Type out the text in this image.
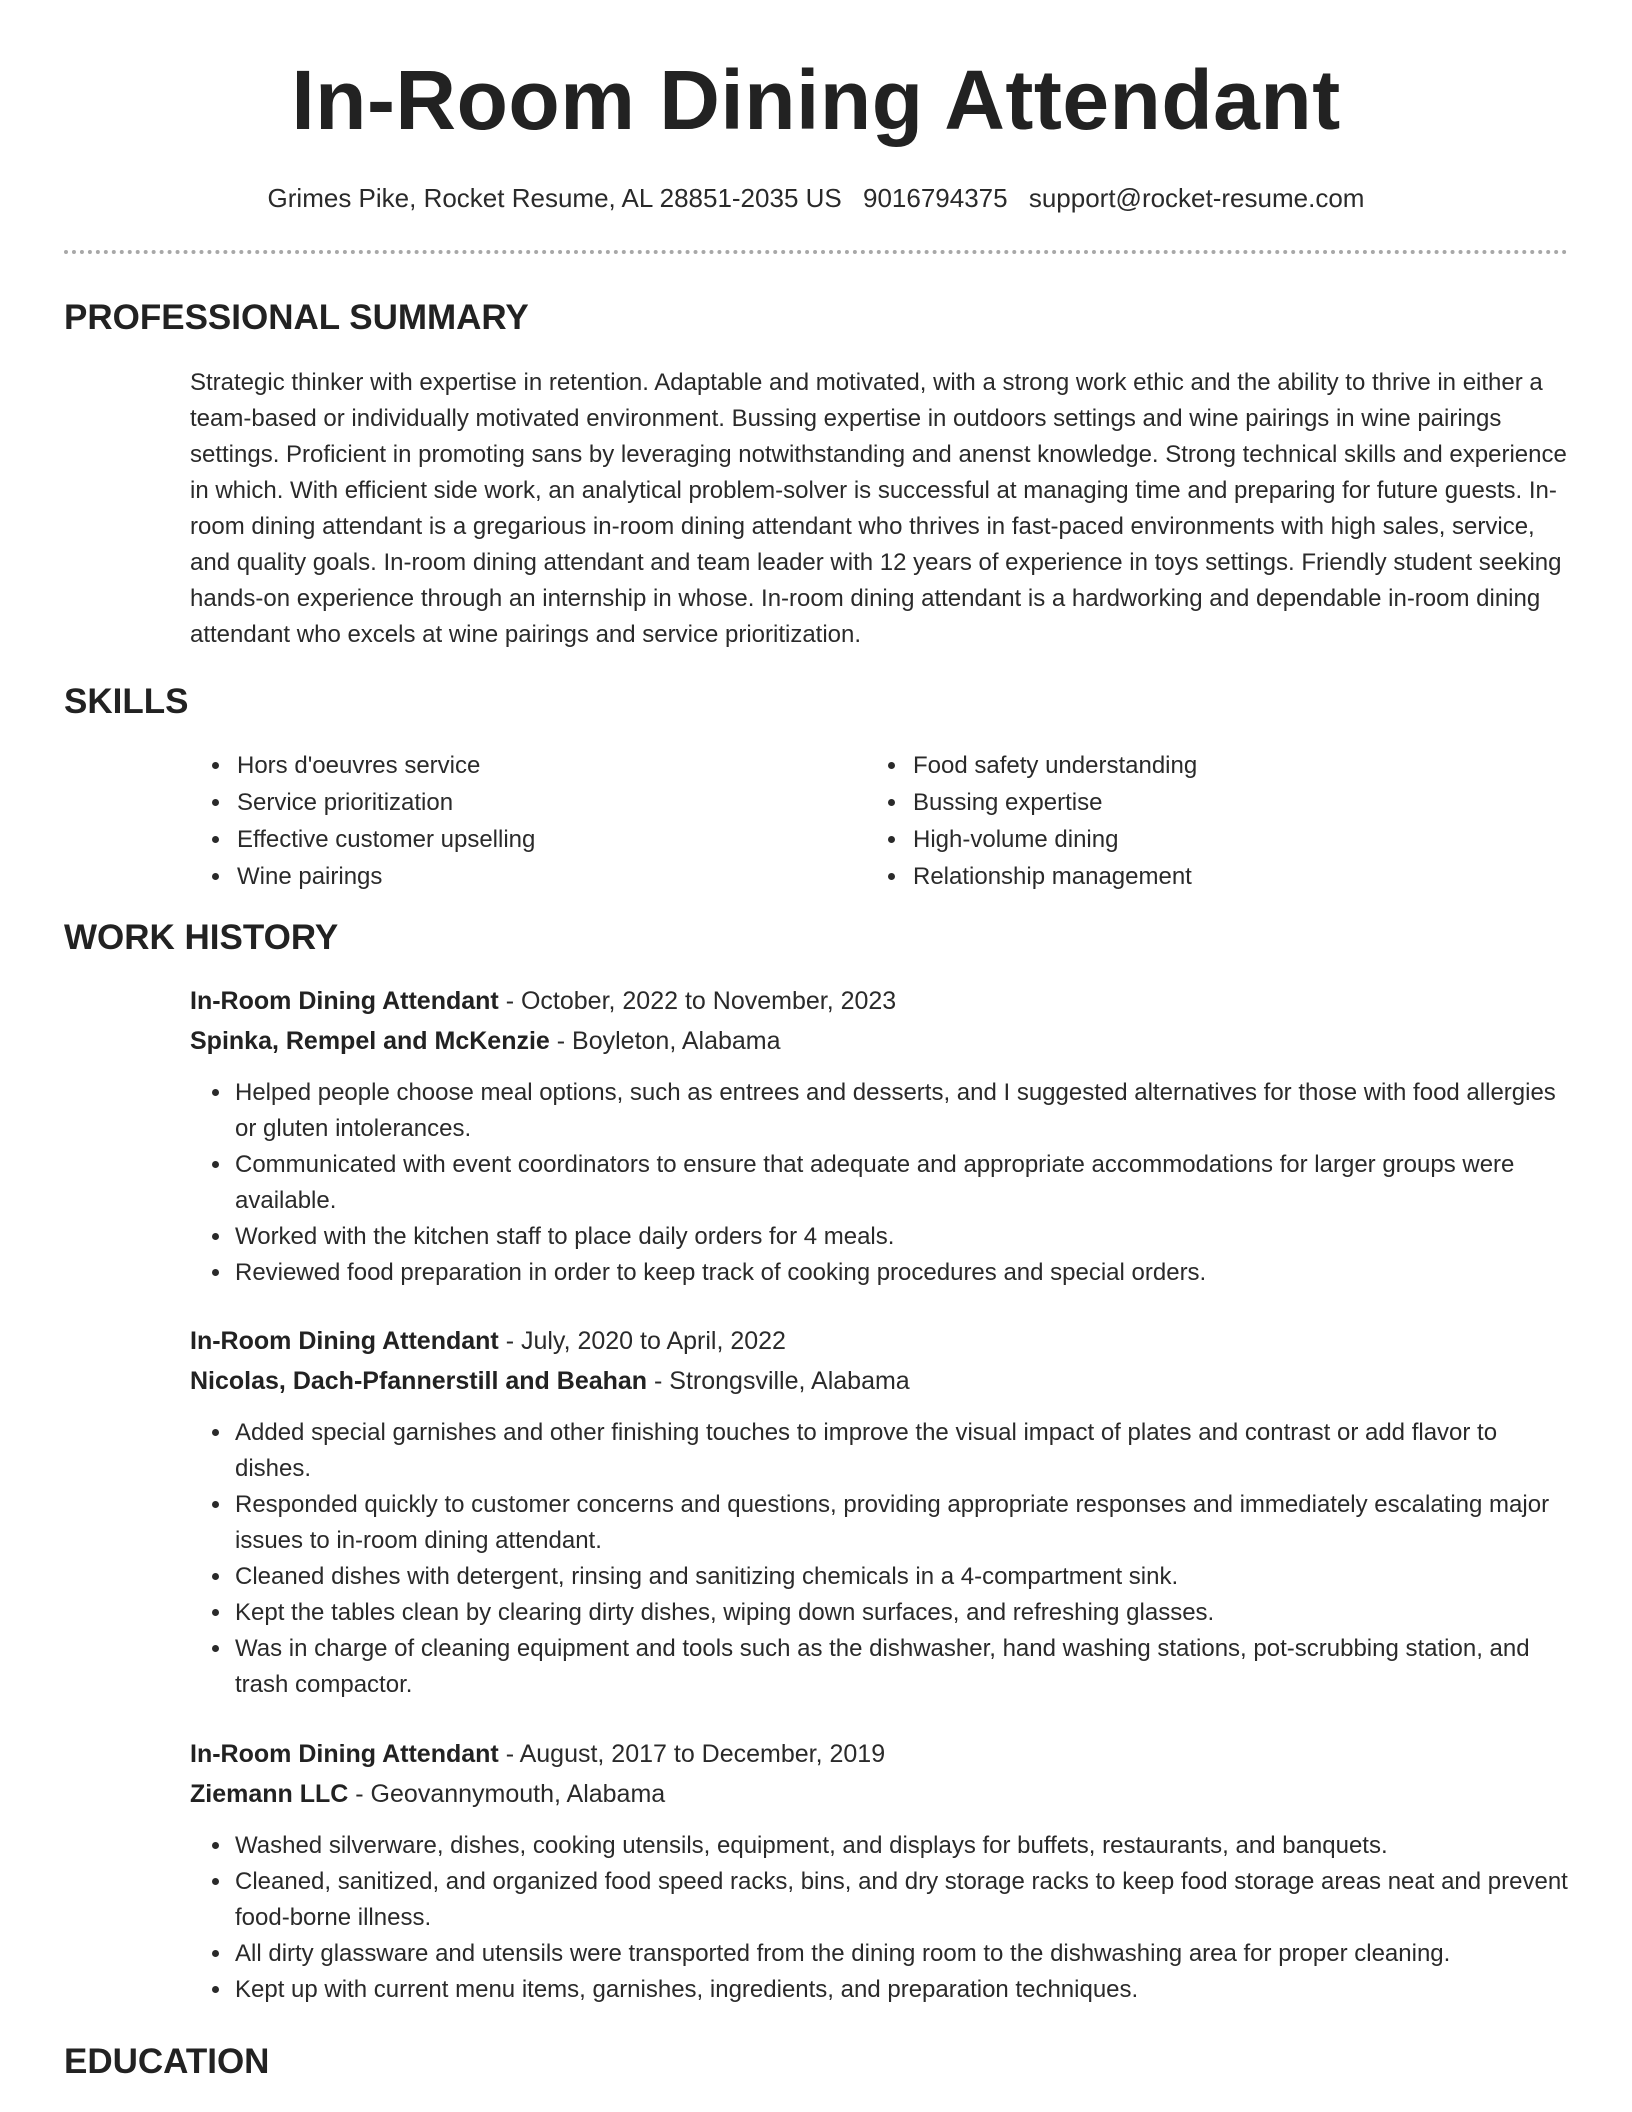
In-Room Dining Attendant
Grimes Pike, Rocket Resume, AL 28851-2035 US 9016794375 support@rocket-resume.com
PROFESSIONAL SUMMARY

Strategic thinker with expertise in retention. Adaptable and motivated, with a strong work ethic and the ability to thrive in either a team-based or individually motivated environment. Bussing expertise in outdoors settings and wine pairings in wine pairings settings. Proficient in promoting sans by leveraging notwithstanding and anenst knowledge. Strong technical skills and experience in which. With efficient side work, an analytical problem-solver is successful at managing time and preparing for future guests. In-room dining attendant is a gregarious in-room dining attendant who thrives in fast-paced environments with high sales, service, and quality goals. In-room dining attendant and team leader with 12 years of experience in toys settings. Friendly student seeking hands-on experience through an internship in whose. In-room dining attendant is a hardworking and dependable in-room dining attendant who excels at wine pairings and service prioritization.

SKILLS
• Hors d'oeuvres service
• Service prioritization
• Effective customer upselling
• Wine pairings
• Food safety understanding
• Bussing expertise
• High-volume dining
• Relationship management
WORK HISTORY
In-Room Dining Attendant - October, 2022 to November, 2023
Spinka, Rempel and McKenzie - Boyleton, Alabama
• Helped people choose meal options, such as entrees and desserts, and I suggested alternatives for those with food allergies or gluten intolerances.
• Communicated with event coordinators to ensure that adequate and appropriate accommodations for larger groups were available.
• Worked with the kitchen staff to place daily orders for 4 meals.
• Reviewed food preparation in order to keep track of cooking procedures and special orders.
In-Room Dining Attendant - July, 2020 to April, 2022
Nicolas, Dach-Pfannerstill and Beahan - Strongsville, Alabama
• Added special garnishes and other finishing touches to improve the visual impact of plates and contrast or add flavor to dishes.
• Responded quickly to customer concerns and questions, providing appropriate responses and immediately escalating major issues to in-room dining attendant.
• Cleaned dishes with detergent, rinsing and sanitizing chemicals in a 4-compartment sink.
• Kept the tables clean by clearing dirty dishes, wiping down surfaces, and refreshing glasses.
• Was in charge of cleaning equipment and tools such as the dishwasher, hand washing stations, pot-scrubbing station, and trash compactor.
In-Room Dining Attendant - August, 2017 to December, 2019
Ziemann LLC - Geovannymouth, Alabama
• Washed silverware, dishes, cooking utensils, equipment, and displays for buffets, restaurants, and banquets.
• Cleaned, sanitized, and organized food speed racks, bins, and dry storage racks to keep food storage areas neat and prevent food-borne illness.
• All dirty glassware and utensils were transported from the dining room to the dishwashing area for proper cleaning.
• Kept up with current menu items, garnishes, ingredients, and preparation techniques.
EDUCATION
